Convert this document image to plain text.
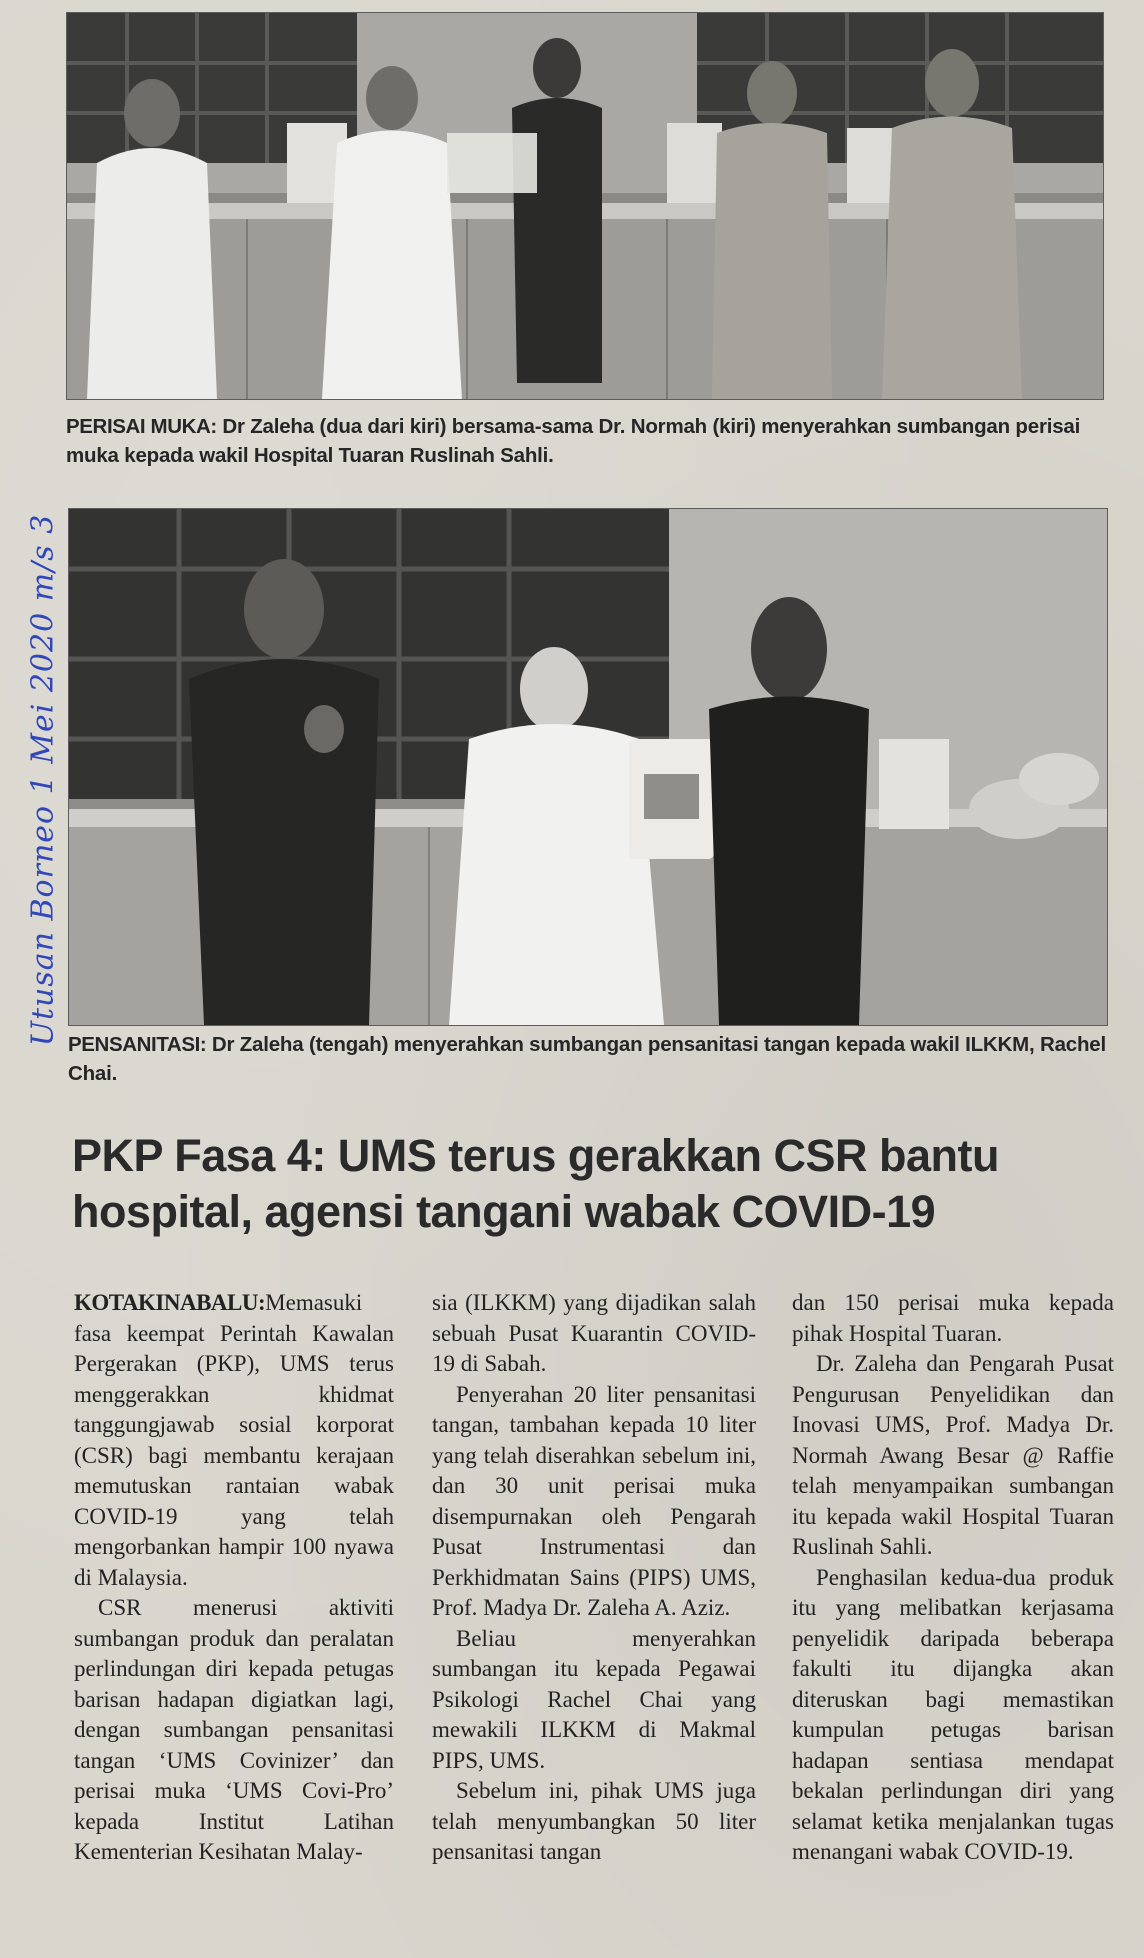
PERISAI MUKA: Dr Zaleha (dua dari kiri) bersama-sama Dr. Normah (kiri) menyerahkan sumbangan perisai muka kepada wakil Hospital Tuaran Ruslinah Sahli.
Utusan Borneo 1 Mei 2020 m/s 3 PENSANITASI: Dr Zaleha (tengah) menyerahkan sumbangan pensanitasi tangan kepada wakil ILKKM, Rachel Chai.
PKP Fasa 4: UMS terus gerakkan CSR bantu
hospital, agensi tangani wabak COVID-19

KOTAKINABALU:Memasuki fasa keempat Perintah Kawalan Pergerakan (PKP), UMS terus menggerakkan khidmat tanggungjawab sosial korporat (CSR) bagi membantu kerajaan memutuskan rantaian wabak COVID-19 yang telah mengorbankan hampir 100 nyawa di Malaysia.

CSR menerusi aktiviti sumbangan produk dan peralatan perlindungan diri kepada petugas barisan hadapan digiatkan lagi, dengan sumbangan pensanitasi tangan ‘UMS Covinizer’ dan perisai muka ‘UMS Covi-Pro’ kepada Institut Latihan Kementerian Kesihatan Malay-

sia (ILKKM) yang dijadikan salah sebuah Pusat Kuarantin COVID-19 di Sabah.

Penyerahan 20 liter pensanitasi tangan, tambahan kepada 10 liter yang telah diserahkan sebelum ini, dan 30 unit perisai muka disempurnakan oleh Pengarah Pusat Instrumentasi dan Perkhidmatan Sains (PIPS) UMS, Prof. Madya Dr. Zaleha A. Aziz.

Beliau menyerahkan sumbangan itu kepada Pegawai Psikologi Rachel Chai yang mewakili ILKKM di Makmal PIPS, UMS.

Sebelum ini, pihak UMS juga telah menyumbangkan 50 liter pensanitasi tangan

dan 150 perisai muka kepada pihak Hospital Tuaran.

Dr. Zaleha dan Pengarah Pusat Pengurusan Penyelidikan dan Inovasi UMS, Prof. Madya Dr. Normah Awang Besar @ Raffie telah menyampaikan sumbangan itu kepada wakil Hospital Tuaran Ruslinah Sahli.

Penghasilan kedua-dua produk itu yang melibatkan kerjasama penyelidik daripada beberapa fakulti itu dijangka akan diteruskan bagi memastikan kumpulan petugas barisan hadapan sentiasa mendapat bekalan perlindungan diri yang selamat ketika menjalankan tugas menangani wabak COVID-19.
